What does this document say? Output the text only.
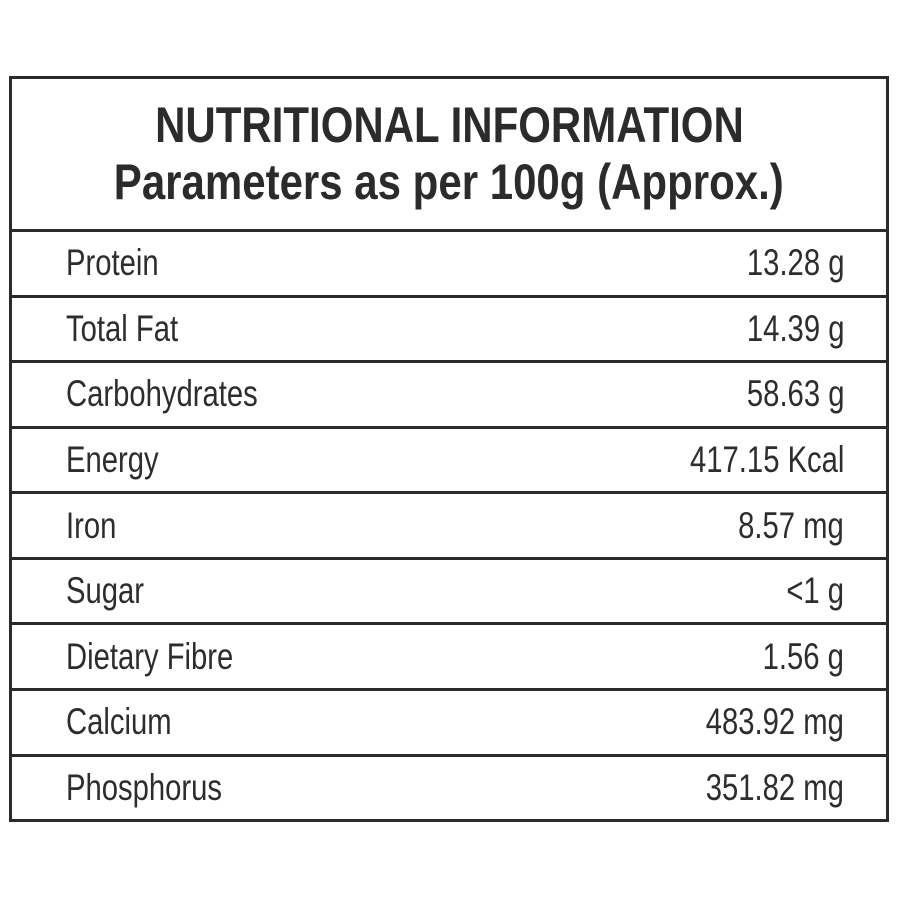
NUTRITIONAL INFORMATION
Parameters as per 100g (Approx.)
Protein	13.28 g
Total Fat	14.39 g
Carbohydrates	58.63 g
Energy	417.15 Kcal
Iron	8.57 mg
Sugar	<1 g
Dietary Fibre	1.56 g
Calcium	483.92 mg
Phosphorus	351.82 mg
